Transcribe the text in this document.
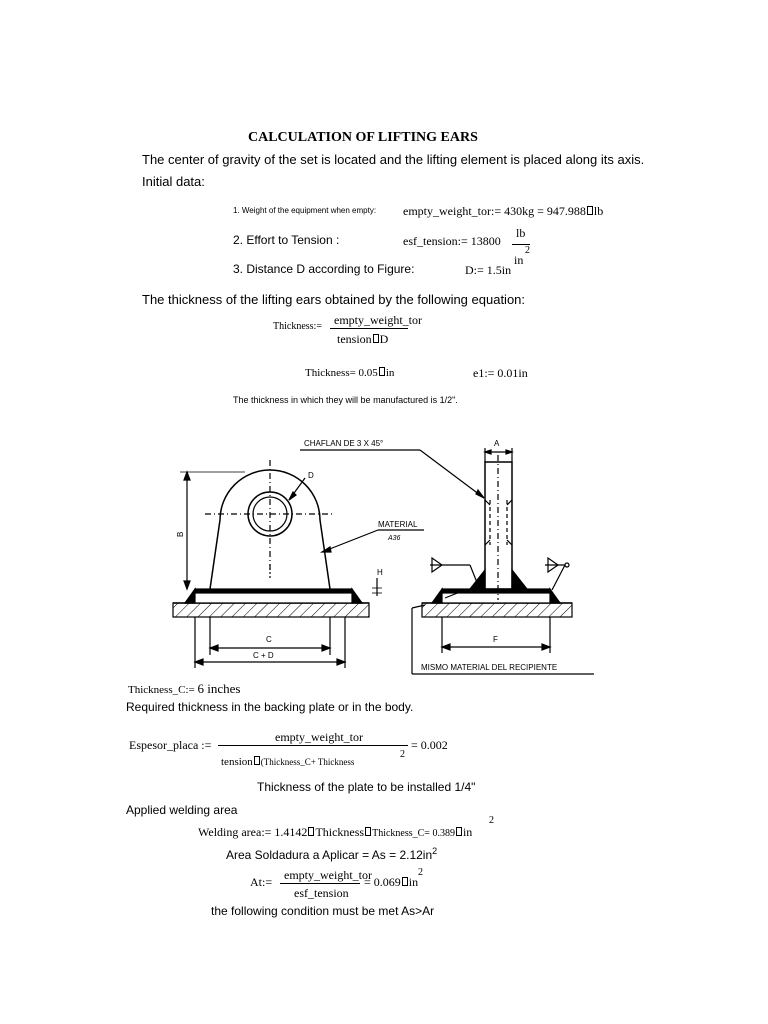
CALCULATION OF LIFTING EARS
The center of gravity of the set is located and the lifting element is placed along its axis.
Initial data:
1. Weight of the equipment when empty: empty_weight_tor:= 430kg = 947.988 lb
2. Effort to Tension :	esf_tension:= 13800
lb
in
2
3. Distance D according to Figure:	D:= 1.5in
The thickness of the lifting ears obtained by the following equation:
Thickness:= empty_weight_tor
tension D
Thickness= 0.05 in	e1:= 0.01in
The thickness in which they will be manufactured is 1/2".
CHAFLAN DE 3 X 45°
MATERIAL
A36
MISMO MATERIAL DEL RECIPIENTE
A
D
B
H
C
C + D
F
Thickness_C:= 6 inches
Required thickness in the backing plate or in the body.
Espesor_placa :=
empty_weight_tor
tension (Thickness_C+ Thickness
2
= 0.002
Thickness of the plate to be installed 1/4"
Applied welding area
Welding area:= 1.4142 Thickness Thickness_C= 0.389 in
2
Area Soldadura a Aplicar = $As = 2.12in^2$
At:= empty_weight_tor
esf_tension
= 0.069 in
2
the following condition must be met As>Ar
